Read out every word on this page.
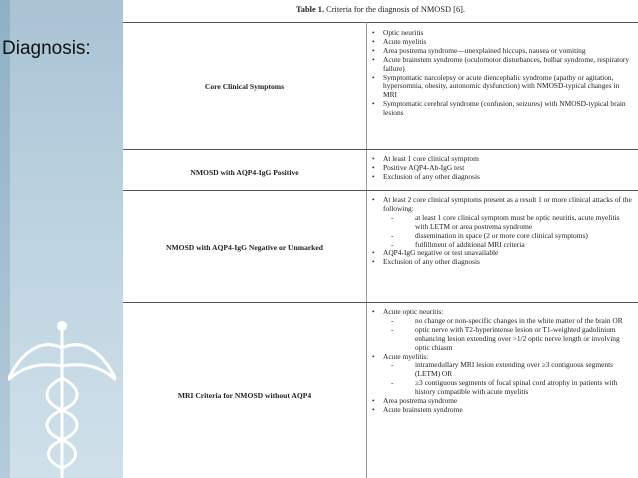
Diagnosis:
Table 1. Criteria for the diagnosis of NMOSD [6].
Core Clinical Symptoms
• Optic neuritis
• Acute myelitis
• Area postrema syndrome—unexplained hiccups, nausea or vomiting
• Acute brainstem syndrome (oculomotor disturbances, bulbar syndrome, respiratory failure)
• Symptomatic narcolepsy or acute diencephalic syndrome (apathy or agitation, hypersomnia, obesity, autonomic dysfunction) with NMOSD-typical changes in MRI
• Symptomatic cerebral syndrome (confusion, seizures) with NMOSD-typical brain lesions
NMOSD with AQP4-IgG Positive
• At least 1 core clinical symptom
• Positive AQP4-Ab-IgG test
• Exclusion of any other diagnosis
NMOSD with AQP4-IgG Negative or Unmarked
• At least 2 core clinical symptoms present as a result 1 or more clinical attacks of the following:
- at least 1 core clinical symptom must be optic neuritis, acute myelitis with LETM or area postrema syndrome
- dissemination in space (2 or more core clinical symptoms)
- fulfillment of additional MRI criteria
• AQP4-IgG negative or test unavailable
• Exclusion of any other diagnosis
MRI Criteria for NMOSD without AQP4
• Acute optic neuritis:
- no change or non-specific changes in the white matter of the brain OR
- optic nerve with T2-hyperintense lesion or T1-weighted gadolinium enhancing lesion extending over >1/2 optic nerve length or involving optic chiasm
• Acute myelitis:
- intramedullary MRI lesion extending over ≥3 contiguous segments (LETM) OR
- ≥3 contiguous segments of focal spinal cord atrophy in patients with history compatible with acute myelitis
• Area postrema syndrome
• Acute brainstem syndrome
